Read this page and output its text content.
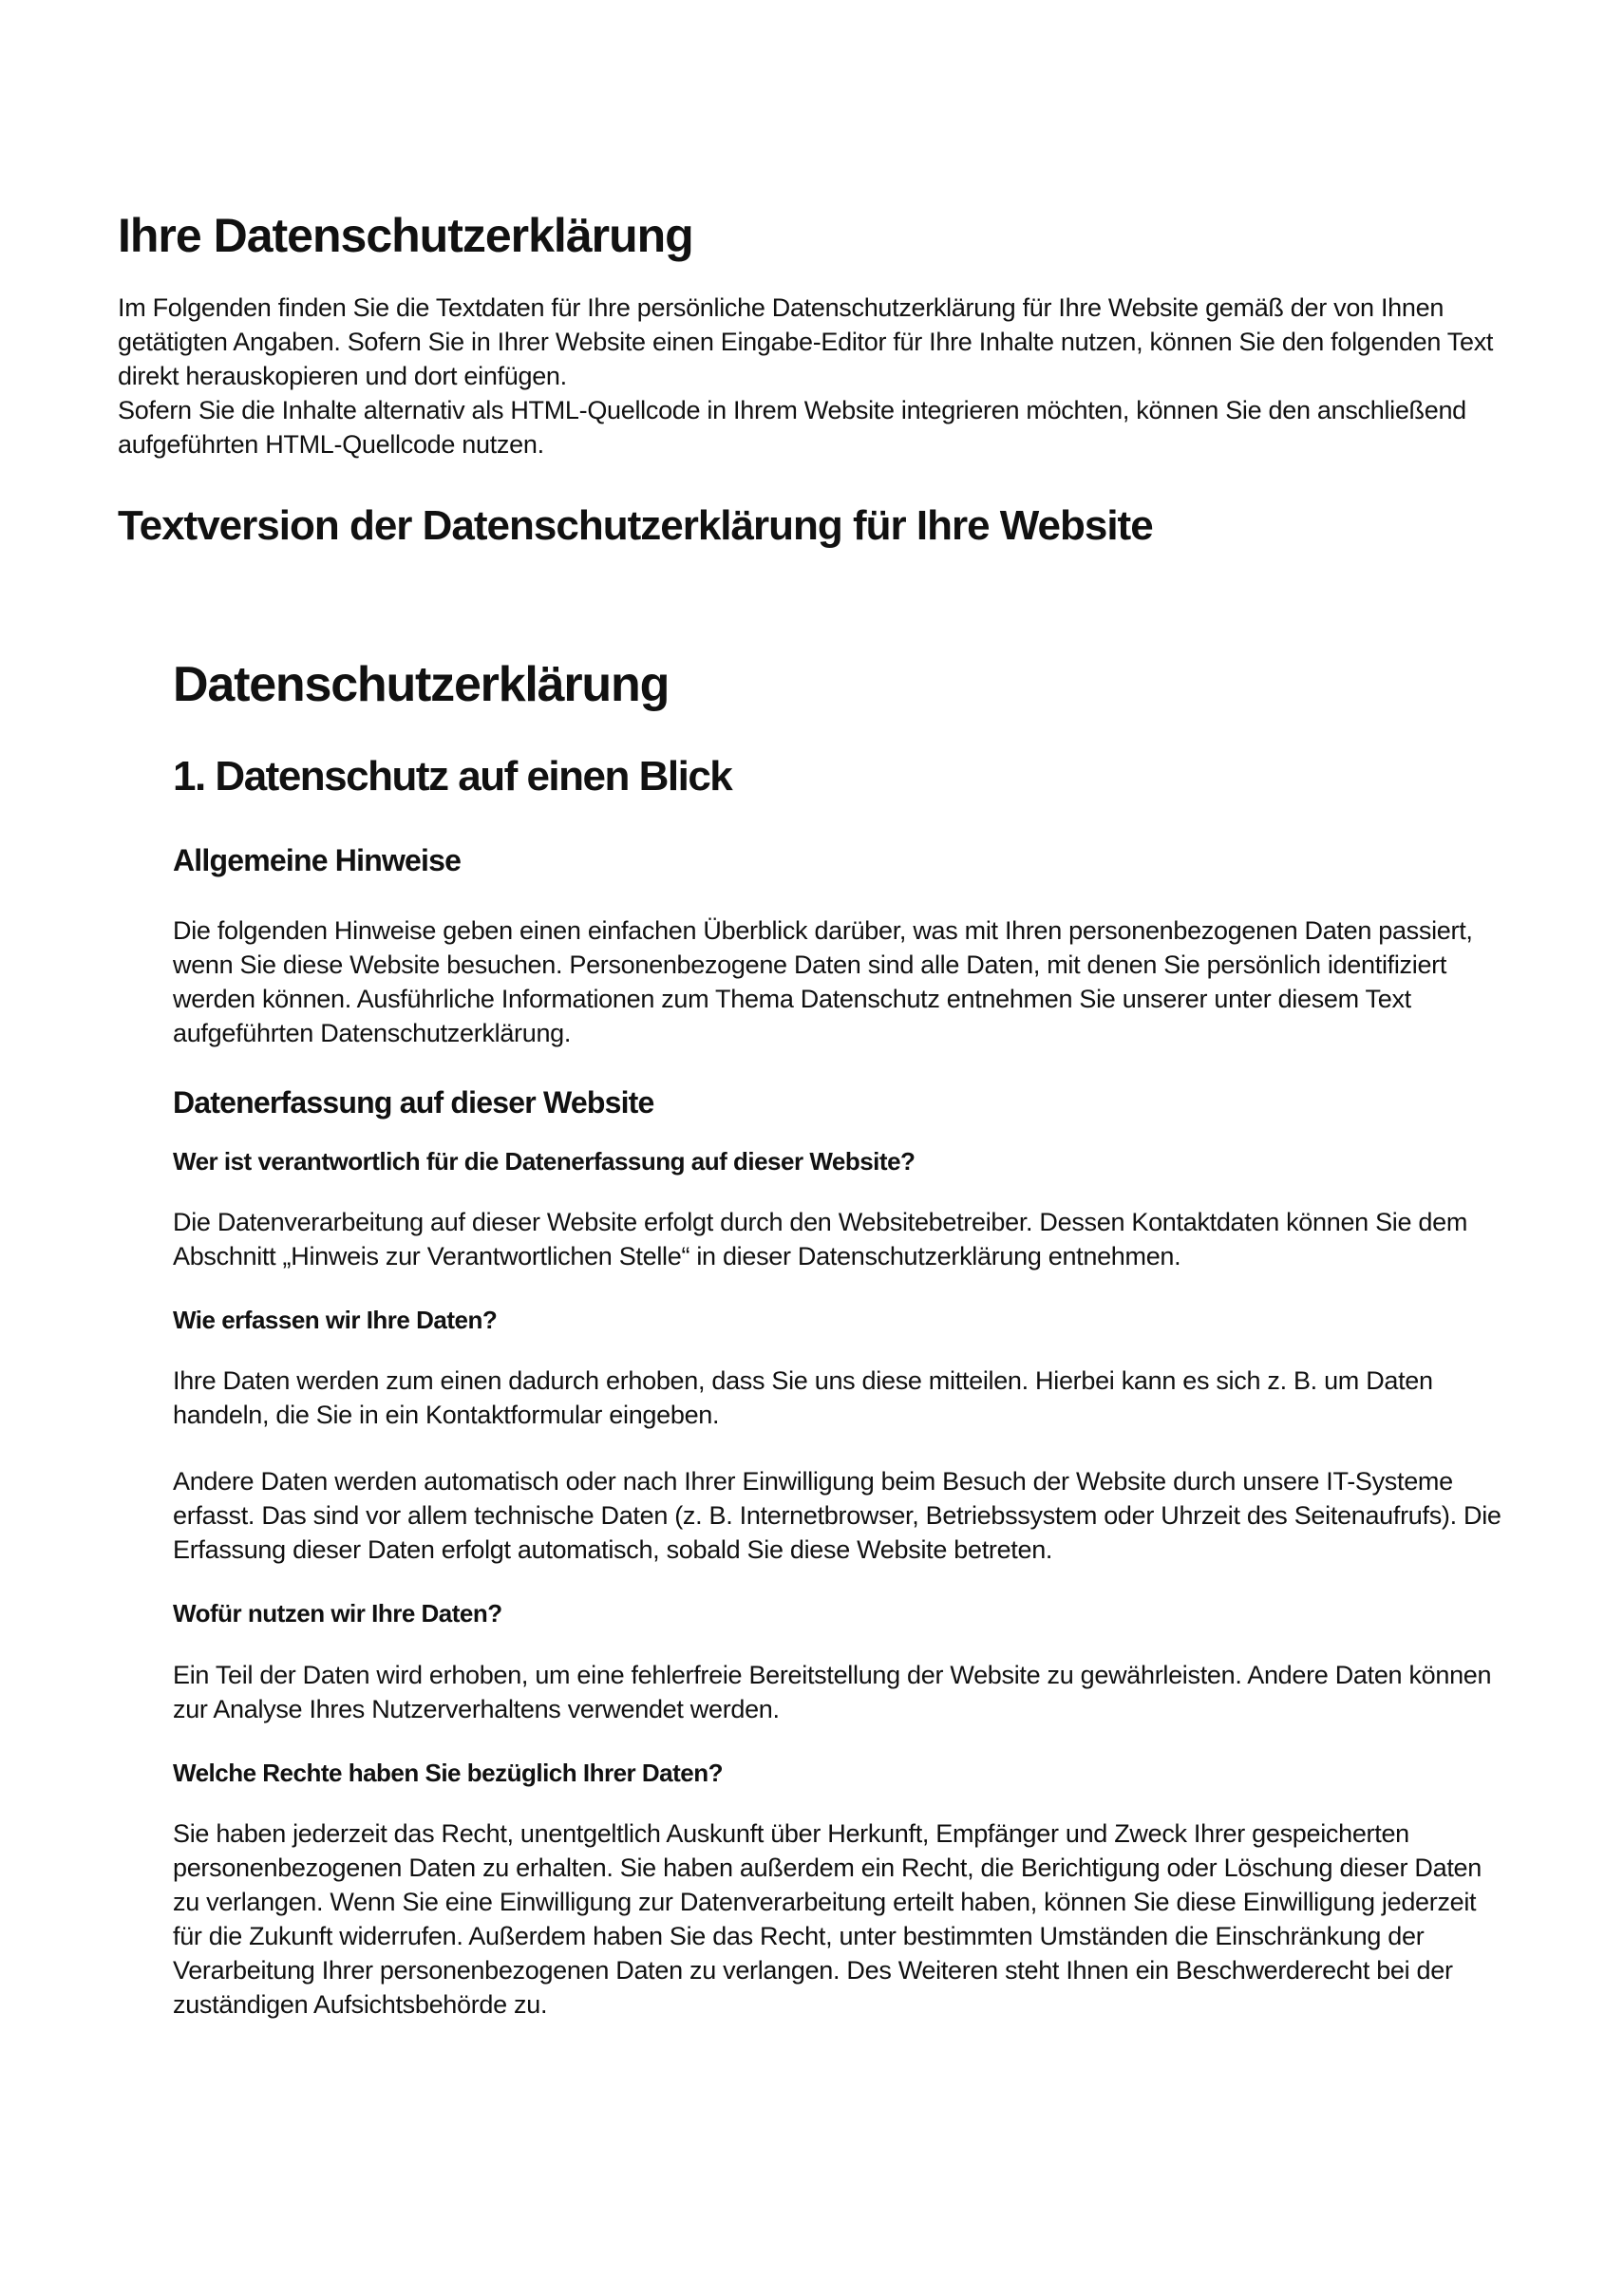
Ihre Datenschutzerklärung

Im Folgenden finden Sie die Textdaten für Ihre persönliche Datenschutzerklärung für Ihre Website gemäß der von Ihnen getätigten Angaben. Sofern Sie in Ihrer Website einen Eingabe-Editor für Ihre Inhalte nutzen, können Sie den folgenden Text direkt herauskopieren und dort einfügen.

Sofern Sie die Inhalte alternativ als HTML-Quellcode in Ihrem Website integrieren möchten, können Sie den anschließend aufgeführten HTML-Quellcode nutzen.

Textversion der Datenschutzerklärung für Ihre Website
Datenschutzerklärung
1. Datenschutz auf einen Blick
Allgemeine Hinweise

Die folgenden Hinweise geben einen einfachen Überblick darüber, was mit Ihren personenbezogenen Daten passiert, wenn Sie diese Website besuchen. Personenbezogene Daten sind alle Daten, mit denen Sie persönlich identifiziert werden können. Ausführliche Informationen zum Thema Datenschutz entnehmen Sie unserer unter diesem Text aufgeführten Datenschutzerklärung.

Datenerfassung auf dieser Website
Wer ist verantwortlich für die Datenerfassung auf dieser Website?

Die Datenverarbeitung auf dieser Website erfolgt durch den Websitebetreiber. Dessen Kontaktdaten können Sie dem Abschnitt „Hinweis zur Verantwortlichen Stelle“ in dieser Datenschutzerklärung entnehmen.

Wie erfassen wir Ihre Daten?

Ihre Daten werden zum einen dadurch erhoben, dass Sie uns diese mitteilen. Hierbei kann es sich z. B. um Daten handeln, die Sie in ein Kontaktformular eingeben.

Andere Daten werden automatisch oder nach Ihrer Einwilligung beim Besuch der Website durch unsere IT-Systeme erfasst. Das sind vor allem technische Daten (z. B. Internetbrowser, Betriebssystem oder Uhrzeit des Seitenaufrufs). Die Erfassung dieser Daten erfolgt automatisch, sobald Sie diese Website betreten.

Wofür nutzen wir Ihre Daten?

Ein Teil der Daten wird erhoben, um eine fehlerfreie Bereitstellung der Website zu gewährleisten. Andere Daten können zur Analyse Ihres Nutzerverhaltens verwendet werden.

Welche Rechte haben Sie bezüglich Ihrer Daten?

Sie haben jederzeit das Recht, unentgeltlich Auskunft über Herkunft, Empfänger und Zweck Ihrer gespeicherten personenbezogenen Daten zu erhalten. Sie haben außerdem ein Recht, die Berichtigung oder Löschung dieser Daten zu verlangen. Wenn Sie eine Einwilligung zur Datenverarbeitung erteilt haben, können Sie diese Einwilligung jederzeit für die Zukunft widerrufen. Außerdem haben Sie das Recht, unter bestimmten Umständen die Einschränkung der Verarbeitung Ihrer personenbezogenen Daten zu verlangen. Des Weiteren steht Ihnen ein Beschwerderecht bei der zuständigen Aufsichtsbehörde zu.
